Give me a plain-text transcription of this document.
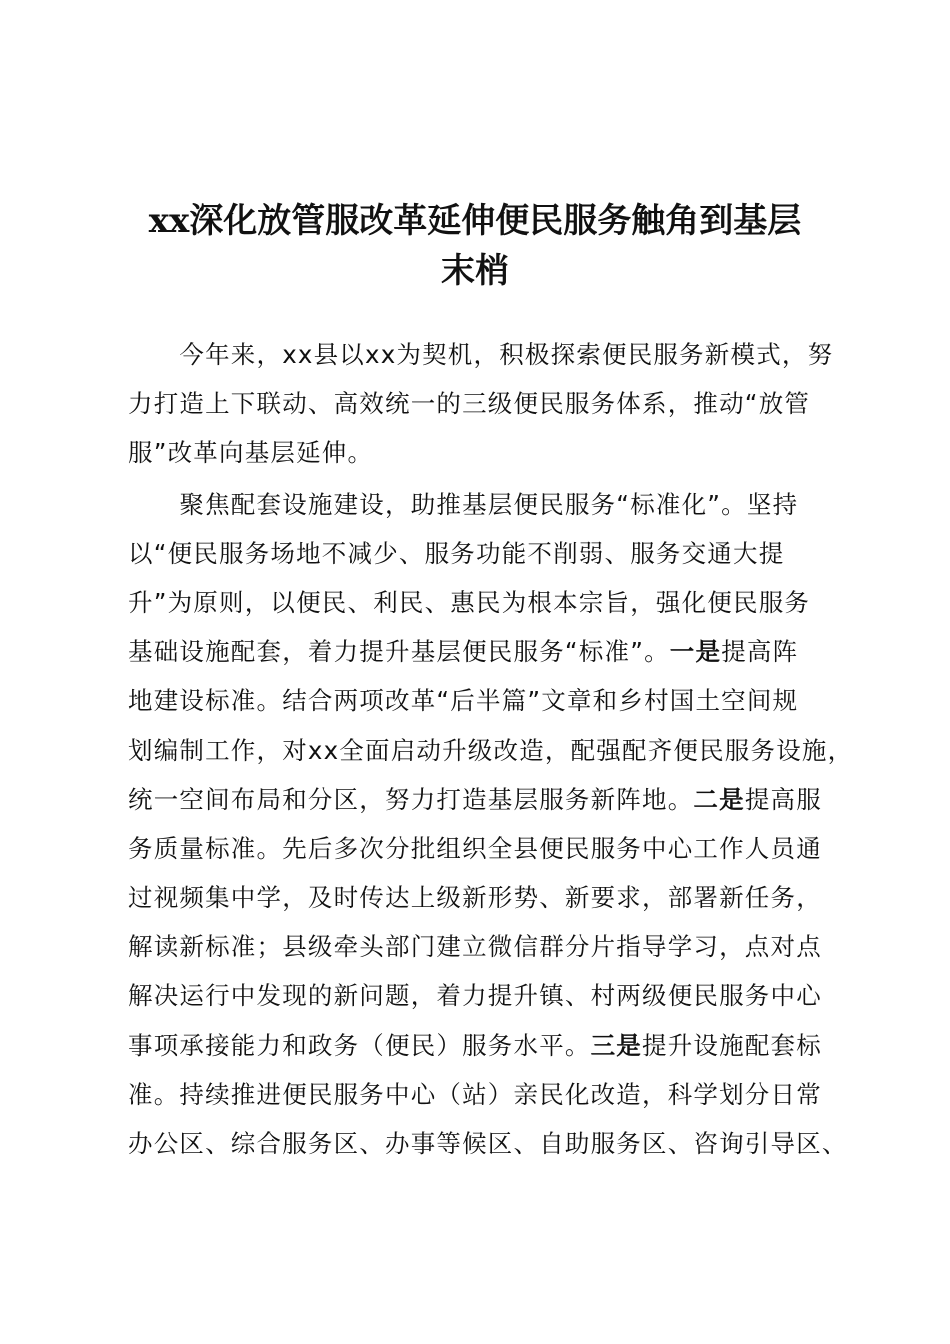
xx深化放管服改革延伸便民服务触角到基层
末梢
　　今年来，xx县以xx为契机，积极探索便民服务新模式，努
力打造上下联动、高效统一的三级便民服务体系，推动“放管
服”改革向基层延伸。
　　聚焦配套设施建设，助推基层便民服务“标准化”。坚持
以“便民服务场地不减少、服务功能不削弱、服务交通大提
升”为原则，以便民、利民、惠民为根本宗旨，强化便民服务
基础设施配套，着力提升基层便民服务“标准”。一是提高阵
地建设标准。结合两项改革“后半篇”文章和乡村国土空间规
划编制工作，对xx全面启动升级改造，配强配齐便民服务设施，
统一空间布局和分区，努力打造基层服务新阵地。二是提高服
务质量标准。先后多次分批组织全县便民服务中心工作人员通
过视频集中学，及时传达上级新形势、新要求，部署新任务，
解读新标准；县级牵头部门建立微信群分片指导学习，点对点
解决运行中发现的新问题，着力提升镇、村两级便民服务中心
事项承接能力和政务（便民）服务水平。三是提升设施配套标
准。持续推进便民服务中心（站）亲民化改造，科学划分日常
办公区、综合服务区、办事等候区、自助服务区、咨询引导区、
